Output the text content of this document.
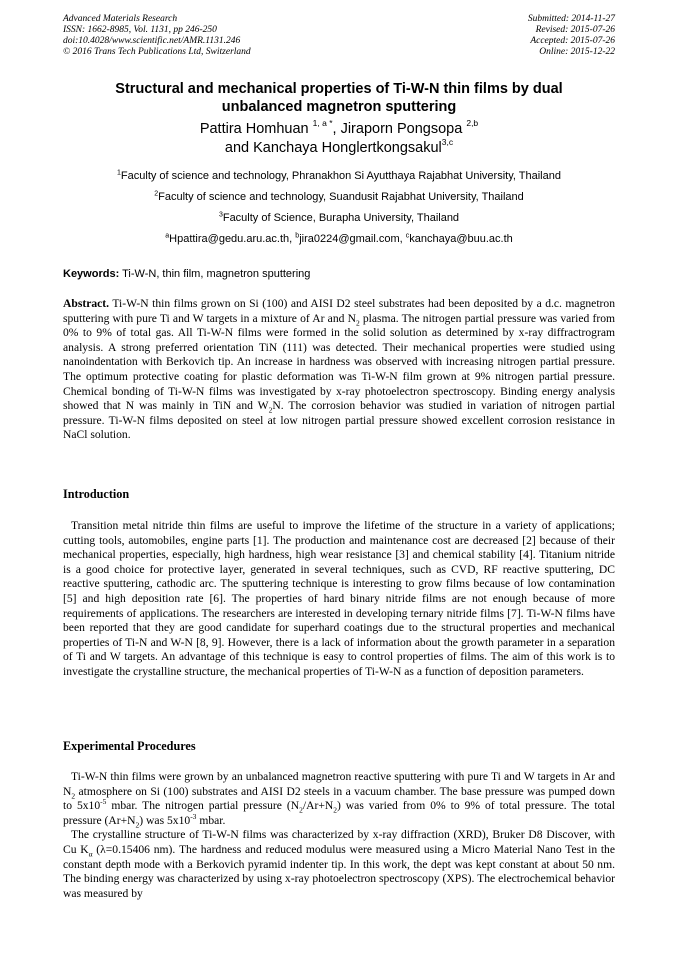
Advanced Materials Research
ISSN: 1662-8985, Vol. 1131, pp 246-250
doi:10.4028/www.scientific.net/AMR.1131.246
© 2016 Trans Tech Publications Ltd, Switzerland
Submitted: 2014-11-27
Revised: 2015-07-26
Accepted: 2015-07-26
Online: 2015-12-22
Structural and mechanical properties of Ti-W-N thin films by dual
unbalanced magnetron sputtering
Pattira Homhuan $^{1, a *}$, Jiraporn Pongsopa $^{2,b}$
and Kanchaya Honglertkongsakul$^{3,c}$
$^1$Faculty of science and technology, Phranakhon Si Ayutthaya Rajabhat University, Thailand
$^2$Faculty of science and technology, Suandusit Rajabhat University, Thailand
$^3$Faculty of Science, Burapha University, Thailand
$^a$Hpattira@gedu.aru.ac.th, $^b$jira0224@gmail.com, $^c$kanchaya@buu.ac.th
Keywords: Ti-W-N, thin film, magnetron sputtering

Abstract. Ti-W-N thin films grown on Si (100) and AISI D2 steel substrates had been deposited by a d.c. magnetron sputtering with pure Ti and W targets in a mixture of Ar and $N_2$ plasma. The nitrogen partial pressure was varied from 0% to 9% of total gas. All Ti-W-N films were formed in the solid solution as determined by x-ray diffractrogram analysis. A strong preferred orientation TiN (111) was detected. Their mechanical properties were studied using nanoindentation with Berkovich tip. An increase in hardness was observed with increasing nitrogen partial pressure. The optimum protective coating for plastic deformation was Ti-W-N film grown at 9% nitrogen partial pressure. Chemical bonding of Ti-W-N films was investigated by x-ray photoelectron spectroscopy. Binding energy analysis showed that N was mainly in TiN and $W_2N$. The corrosion behavior was studied in variation of nitrogen partial pressure. Ti-W-N films deposited on steel at low nitrogen partial pressure showed excellent corrosion resistance in NaCl solution.

Introduction

Transition metal nitride thin films are useful to improve the lifetime of the structure in a variety of applications; cutting tools, automobiles, engine parts [1]. The production and maintenance cost are decreased [2] because of their mechanical properties, especially, high hardness, high wear resistance [3] and chemical stability [4]. Titanium nitride is a good choice for protective layer, generated in several techniques, such as CVD, RF reactive sputtering, DC reactive sputtering, cathodic arc. The sputtering technique is interesting to grow films because of low contamination [5] and high deposition rate [6]. The properties of hard binary nitride films are not enough because of more requirements of applications. The researchers are interested in developing ternary nitride films [7]. Ti-W-N films have been reported that they are good candidate for superhard coatings due to the structural properties and mechanical properties of Ti-N and W-N [8, 9]. However, there is a lack of information about the growth parameter in a separation of Ti and W targets. An advantage of this technique is easy to control properties of films. The aim of this work is to investigate the crystalline structure, the mechanical properties of Ti-W-N as a function of deposition parameters.

Experimental Procedures

Ti-W-N thin films were grown by an unbalanced magnetron reactive sputtering with pure Ti and W targets in Ar and $N_2$ atmosphere on Si (100) substrates and AISI D2 steels in a vacuum chamber. The base pressure was pumped down to $5x10^{-5}$ mbar. The nitrogen partial pressure $(N_2/Ar+N_2)$ was varied from 0% to 9% of total pressure. The total pressure $(Ar+N_2)$ was $5x10^{-3}$ mbar.

The crystalline structure of Ti-W-N films was characterized by x-ray diffraction (XRD), Bruker D8 Discover, with Cu $K_\alpha$ (λ=0.15406 nm). The hardness and reduced modulus were measured using a Micro Material Nano Test in the constant depth mode with a Berkovich pyramid indenter tip. In this work, the dept was kept constant at about 50 nm. The binding energy was characterized by using x-ray photoelectron spectroscopy (XPS). The electrochemical behavior was measured by
